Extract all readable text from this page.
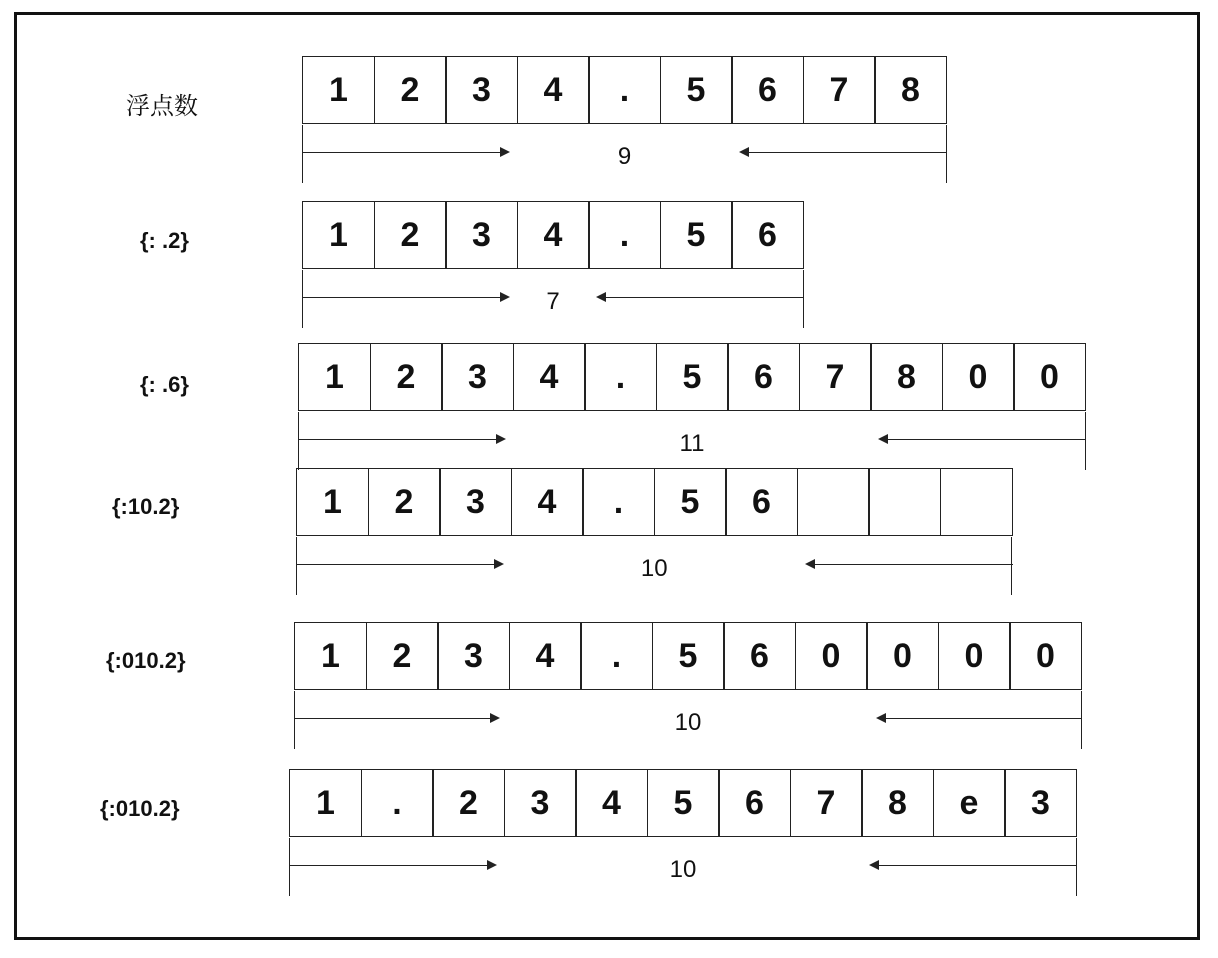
浮点数	1	2	3	4	.	5	6	7	8
9
{: .2}	1	2	3	4	.	5	6
7
{: .6}	1	2	3	4	.	5	6	7	8	0	0
11
{:10.2}	1	2	3	4	.	5	6
10
{:010.2}	1	2	3	4	.	5	6	0	0	0	0
10
{:010.2}	1	.	2	3	4	5	6	7	8	e	3
10
